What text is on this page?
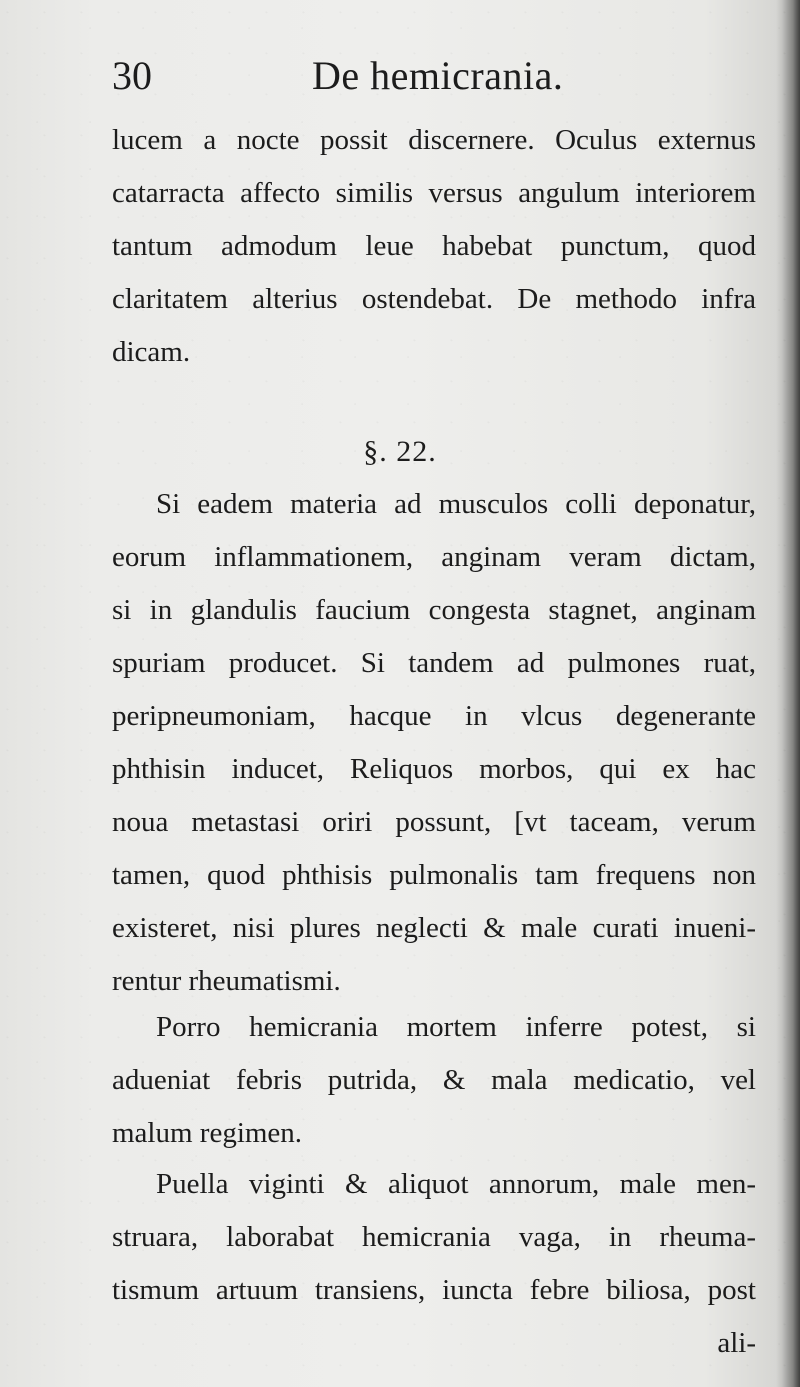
30	De hemicrania.
lucem a nocte possit discernere. Oculus externus
catarracta affecto similis versus angulum interiorem
tantum admodum leue habebat punctum, quod
claritatem alterius ostendebat. De methodo infra
dicam.
§. 22.
Si eadem materia ad musculos colli deponatur,
eorum inflammationem, anginam veram dictam,
si in glandulis faucium congesta stagnet, anginam
spuriam producet. Si tandem ad pulmones ruat,
peripneumoniam, hacque in vlcus degenerante
phthisin inducet, Reliquos morbos, qui ex hac
noua metastasi oriri possunt, [vt taceam, verum
tamen, quod phthisis pulmonalis tam frequens non
existeret, nisi plures neglecti & male curati inueni-
rentur rheumatismi.
Porro hemicrania mortem inferre potest, si
adueniat febris putrida, & mala medicatio, vel
malum regimen.
Puella viginti & aliquot annorum, male men-
struara, laborabat hemicrania vaga, in rheuma-
tismum artuum transiens, iuncta febre biliosa, post
ali-
